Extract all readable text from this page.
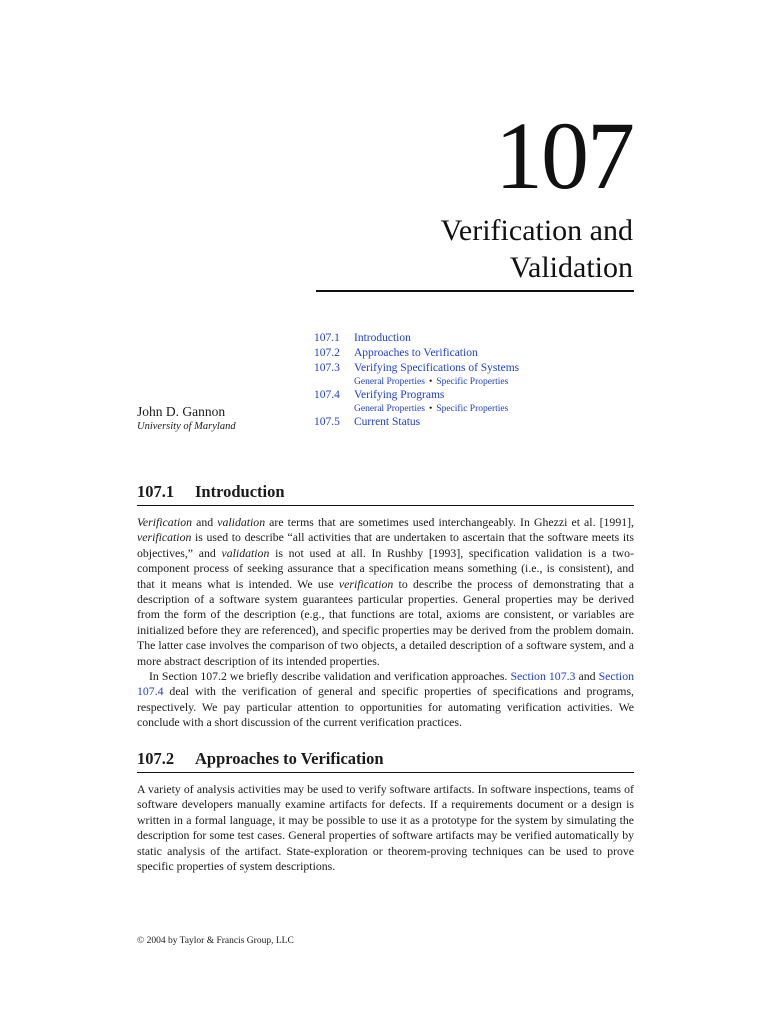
107
Verification and
Validation
107.1	Introduction
107.2	Approaches to Verification
107.3	Verifying Specifications of Systems
General Properties • Specific Properties
107.4	Verifying Programs
General Properties • Specific Properties
107.5	Current Status
John D. Gannon
University of Maryland
107.1 Introduction

Verification and validation are terms that are sometimes used interchangeably. In Ghezzi et al. [1991], verification is used to describe “all activities that are undertaken to ascertain that the software meets its objectives,” and validation is not used at all. In Rushby [1993], specification validation is a two-component process of seeking assurance that a specification means something (i.e., is consistent), and that it means what is intended. We use verification to describe the process of demonstrating that a description of a software system guarantees particular properties. General properties may be derived from the form of the description (e.g., that functions are total, axioms are consistent, or variables are initialized before they are referenced), and specific properties may be derived from the problem domain. The latter case involves the comparison of two objects, a detailed description of a software system, and a more abstract description of its intended properties.

In Section 107.2 we briefly describe validation and verification approaches. Section 107.3 and Section 107.4 deal with the verification of general and specific properties of specifications and programs, respectively. We pay particular attention to opportunities for automating verification activities. We conclude with a short discussion of the current verification practices.

107.2 Approaches to Verification

A variety of analysis activities may be used to verify software artifacts. In software inspections, teams of software developers manually examine artifacts for defects. If a requirements document or a design is written in a formal language, it may be possible to use it as a prototype for the system by simulating the description for some test cases. General properties of software artifacts may be verified automatically by static analysis of the artifact. State-exploration or theorem-proving techniques can be used to prove specific properties of system descriptions.

© 2004 by Taylor & Francis Group, LLC
